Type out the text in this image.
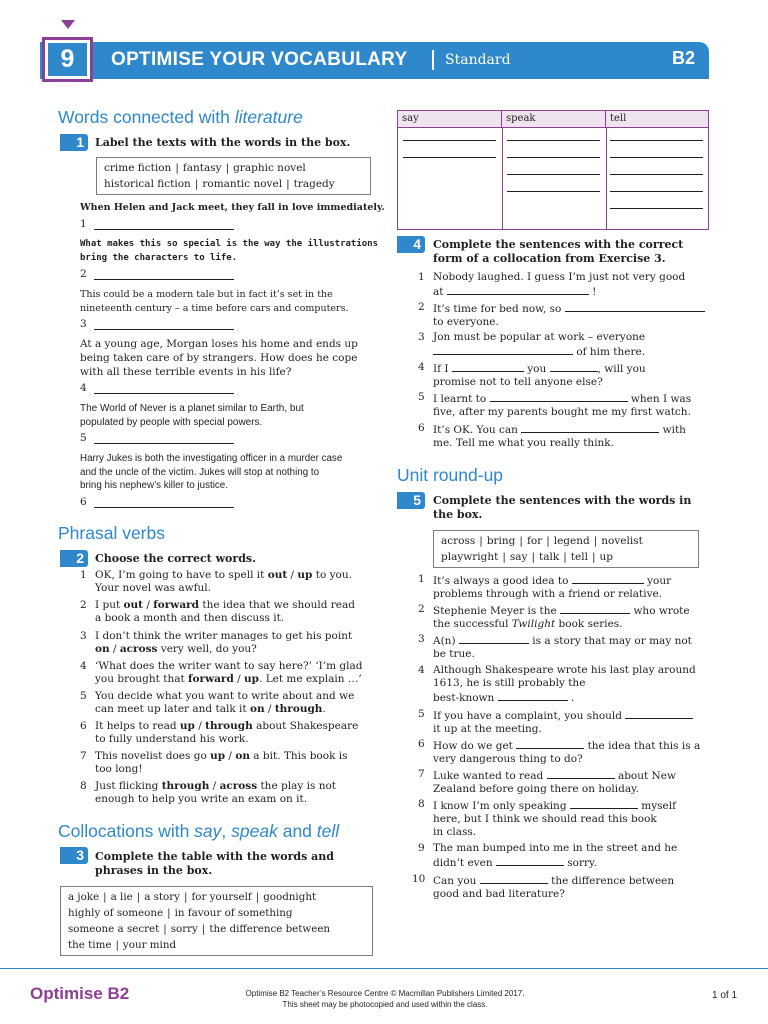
9	OPTIMISE YOUR VOCABULARY	Standard	B2
Words connected with literature
1	Label the texts with the words in the box.
crime fiction | fantasy | graphic novel
historical fiction | romantic novel | tragedy
When Helen and Jack meet, they fall in love immediately.
1
What makes this so special is the way the illustrations
bring the characters to life.
2
This could be a modern tale but in fact it’s set in the
nineteenth century – a time before cars and computers.
3
At a young age, Morgan loses his home and ends up
being taken care of by strangers. How does he cope
with all these terrible events in his life?
4
The World of Never is a planet similar to Earth, but
populated by people with special powers.
5
Harry Jukes is both the investigating officer in a murder case
and the uncle of the victim. Jukes will stop at nothing to
bring his nephew’s killer to justice.
6
Phrasal verbs
2	Choose the correct words.
1 OK, I’m going to have to spell it out / up to you.
Your novel was awful.
2 I put out / forward the idea that we should read
a book a month and then discuss it.
3 I don’t think the writer manages to get his point
on / across very well, do you?
4 ‘What does the writer want to say here?’ ‘I’m glad
you brought that forward / up. Let me explain …’
5 You decide what you want to write about and we
can meet up later and talk it on / through.
6 It helps to read up / through about Shakespeare
to fully understand his work.
7 This novelist does go up / on a bit. This book is
too long!
8 Just flicking through / across the play is not
enough to help you write an exam on it.
Collocations with say, speak and tell
3	Complete the table with the words and
phrases in the box.
a joke | a lie | a story | for yourself | goodnight
highly of someone | in favour of something
someone a secret | sorry | the difference between
the time | your mind
say	speak	tell
4	Complete the sentences with the correct
form of a collocation from Exercise 3.
1 Nobody laughed. I guess I’m just not very good
at	!
2 It’s time for bed now, so
to everyone.
3 Jon must be popular at work – everyone
of him there.
4 If I	you	, will you
promise not to tell anyone else?
5 I learnt to	when I was
five, after my parents bought me my first watch.
6 It’s OK. You can	with
me. Tell me what you really think.
Unit round-up
5	Complete the sentences with the words in
the box.
across | bring | for | legend | novelist
playwright | say | talk | tell | up
1 It’s always a good idea to	your
problems through with a friend or relative.
2 Stephenie Meyer is the	who wrote
the successful Twilight book series.
3 A(n)	is a story that may or may not
be true.
4 Although Shakespeare wrote his last play around
1613, he is still probably the
best-known	.
5 If you have a complaint, you should
it up at the meeting.
6 How do we get	the idea that this is a
very dangerous thing to do?
7 Luke wanted to read	about New
Zealand before going there on holiday.
8 I know I’m only speaking	myself
here, but I think we should read this book
in class.
9 The man bumped into me in the street and he
didn’t even	sorry.
10 Can you	the difference between
good and bad literature?
Optimise B2	Optimise B2 Teacher’s Resource Centre © Macmillan Publishers Limited 2017.
This sheet may be photocopied and used within the class.
1 of 1
